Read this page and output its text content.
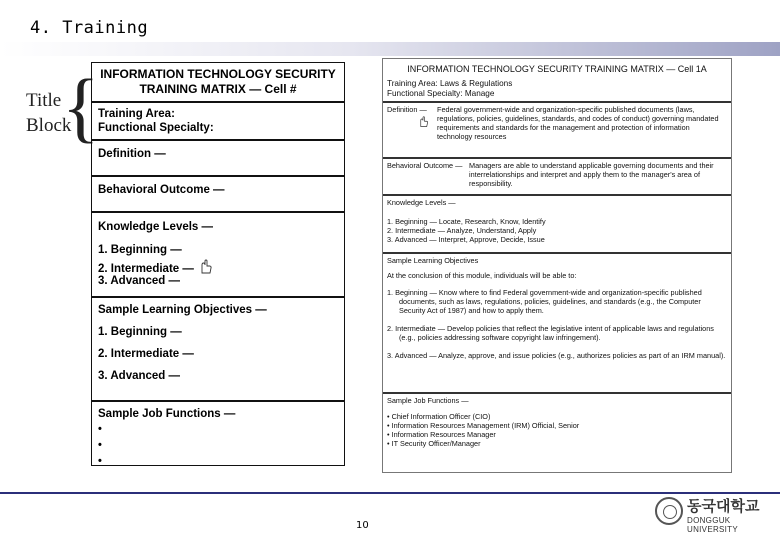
4. Training
Title
Block
{ INFORMATION TECHNOLOGY SECURITY
TRAINING MATRIX — Cell #
Training Area:
Functional Specialty:
Definition —
Behavioral Outcome —
Knowledge Levels —
1. Beginning —
2. Intermediate —
3. Advanced —
Sample Learning Objectives —
1. Beginning —
2. Intermediate —
3. Advanced —
Sample Job Functions —
•
•
•
INFORMATION TECHNOLOGY SECURITY TRAINING MATRIX — Cell 1A
Training Area: Laws & Regulations
Functional Specialty: Manage
Definition —	Federal government-wide and organization-specific published documents (laws, regulations, policies, guidelines, standards, and codes of conduct) governing mandated requirements and standards for the management and protection of information technology resources
Behavioral Outcome — Managers are able to understand applicable governing documents and their interrelationships and interpret and apply them to the manager's area of responsibility.

Knowledge Levels —

1. Beginning — Locate, Research, Know, Identify
2. Intermediate — Analyze, Understand, Apply
3. Advanced — Interpret, Approve, Decide, Issue

Sample Learning Objectives

At the conclusion of this module, individuals will be able to:

1. Beginning — Know where to find Federal government-wide and organization-specific published documents, such as laws, regulations, policies, guidelines, and standards (e.g., the Computer Security Act of 1987) and how to apply them.
2. Intermediate — Develop policies that reflect the legislative intent of applicable laws and regulations (e.g., policies addressing software copyright law infringement).
3. Advanced — Analyze, approve, and issue policies (e.g., authorizes policies as part of an IRM manual).

Sample Job Functions —

• Chief Information Officer (CIO)
• Information Resources Management (IRM) Official, Senior
• Information Resources Manager
• IT Security Officer/Manager
10
동국대학교
DONGGUK UNIVERSITY
